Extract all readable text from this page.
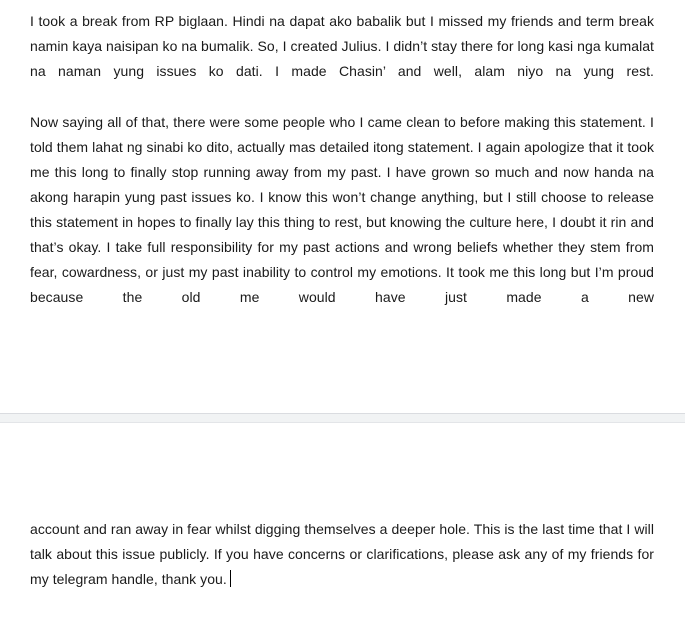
I took a break from RP biglaan. Hindi na dapat ako babalik but I missed my friends and term break namin kaya naisipan ko na bumalik. So, I created Julius. I didn’t stay there for long kasi nga kumalat na naman yung issues ko dati. I made Chasin’ and well, alam niyo na yung rest.

Now saying all of that, there were some people who I came clean to before making this statement. I told them lahat ng sinabi ko dito, actually mas detailed itong statement. I again apologize that it took me this long to finally stop running away from my past. I have grown so much and now handa na akong harapin yung past issues ko. I know this won’t change anything, but I still choose to release this statement in hopes to finally lay this thing to rest, but knowing the culture here, I doubt it rin and that’s okay. I take full responsibility for my past actions and wrong beliefs whether they stem from fear, cowardness, or just my past inability to control my emotions. It took me this long but I’m proud because the old me would have just made a new

account and ran away in fear whilst digging themselves a deeper hole. This is the last time that I will talk about this issue publicly. If you have concerns or clarifications, please ask any of my friends for my telegram handle, thank you.
